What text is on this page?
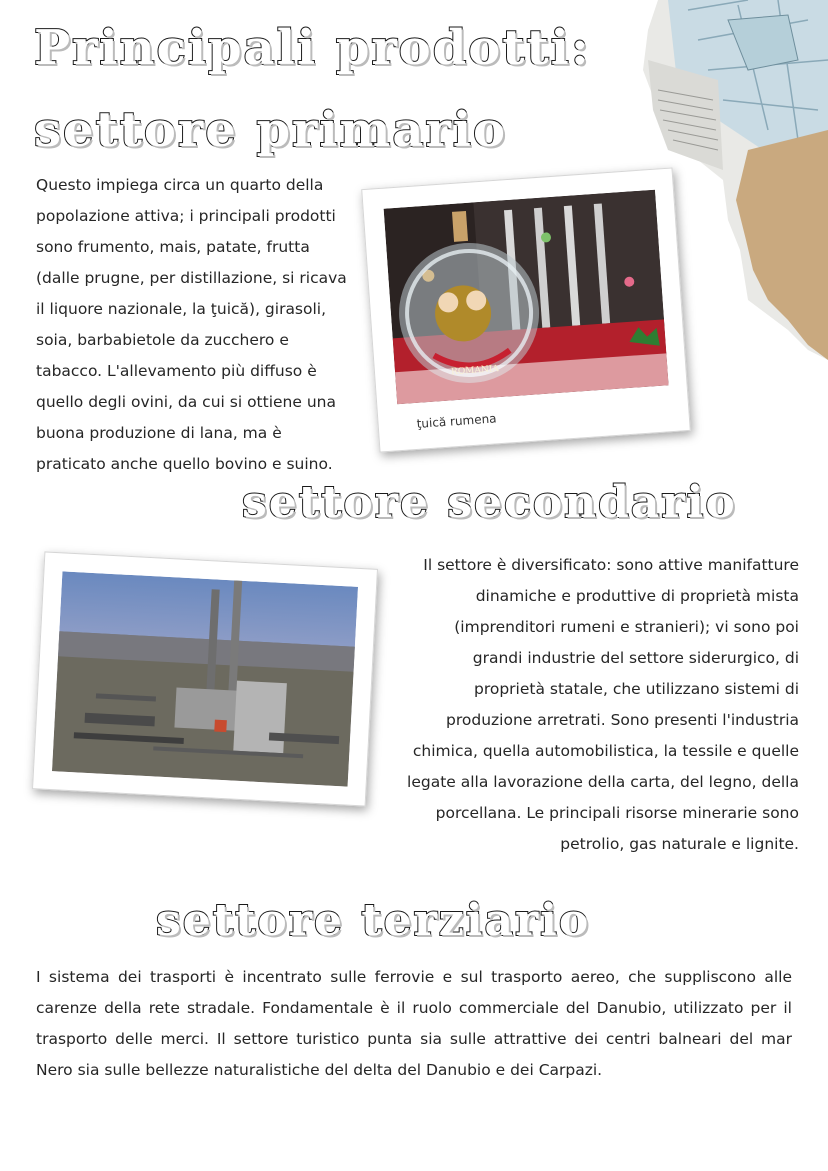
Principali prodotti:
settore primario

Questo impiega circa un quarto della popolazione attiva; i principali prodotti sono frumento, mais, patate, frutta (dalle prugne, per distillazione, si ricava il liquore nazionale, la ţuică), girasoli, soia, barbabietole da zucchero e tabacco. L'allevamento più diffuso è quello degli ovini, da cui si ottiene una buona produzione di lana, ma è praticato anche quello bovino e suino.

ţuică rumena
settore secondario

Il settore è diversificato: sono attive manifatture dinamiche e produttive di proprietà mista (imprenditori rumeni e stranieri); vi sono poi grandi industrie del settore siderurgico, di proprietà statale, che utilizzano sistemi di produzione arretrati. Sono presenti l'industria chimica, quella automobilistica, la tessile e quelle legate alla lavorazione della carta, del legno, della porcellana. Le principali risorse minerarie sono petrolio, gas naturale e lignite.

settore terziario

I sistema dei trasporti è incentrato sulle ferrovie e sul trasporto aereo, che suppliscono alle carenze della rete stradale. Fondamentale è il ruolo commerciale del Danubio, utilizzato per il trasporto delle merci. Il settore turistico punta sia sulle attrattive dei centri balneari del mar Nero sia sulle bellezze naturalistiche del delta del Danubio e dei Carpazi.
